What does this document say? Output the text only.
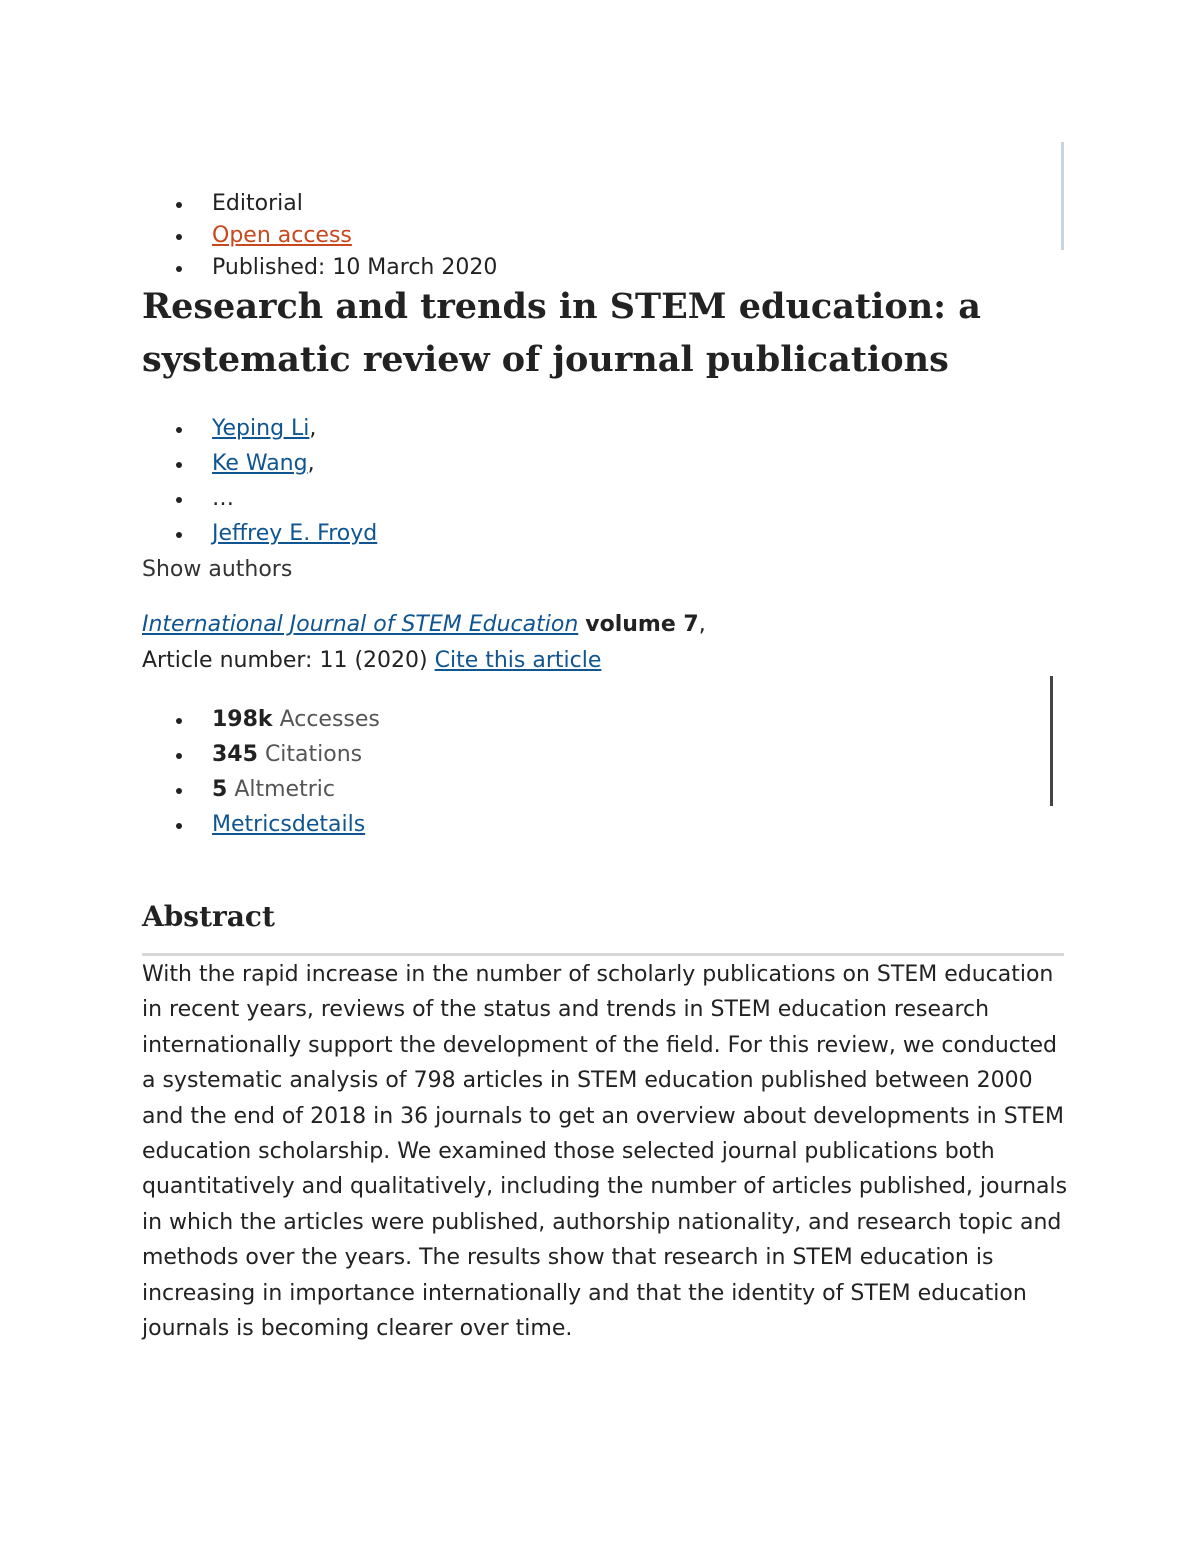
Editorial
Open access
Published: 10 March 2020
Research and trends in STEM education: a systematic review of journal publications
Yeping Li,
Ke Wang,
…
Jeffrey E. Froyd
Show authors
International Journal of STEM Education volume 7,
Article number: 11 (2020) Cite this article
198k Accesses
345 Citations
5 Altmetric
Metricsdetails
Abstract

With the rapid increase in the number of scholarly publications on STEM education in recent years, reviews of the status and trends in STEM education research internationally support the development of the field. For this review, we conducted a systematic analysis of 798 articles in STEM education published between 2000 and the end of 2018 in 36 journals to get an overview about developments in STEM education scholarship. We examined those selected journal publications both quantitatively and qualitatively, including the number of articles published, journals in which the articles were published, authorship nationality, and research topic and methods over the years. The results show that research in STEM education is increasing in importance internationally and that the identity of STEM education journals is becoming clearer over time.
